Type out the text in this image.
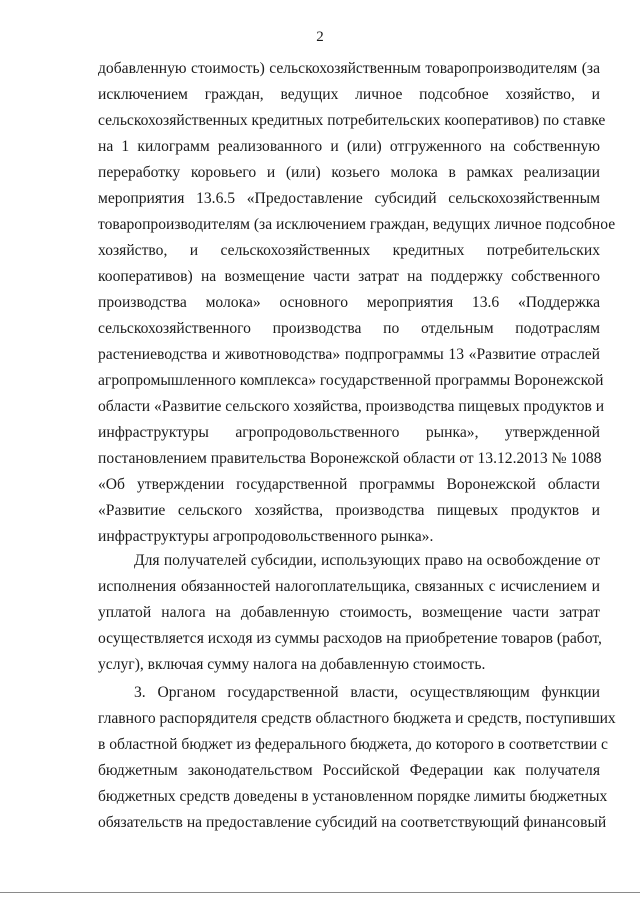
2
добавленную стоимость) сельскохозяйственным товаропроизводителям (за
исключением граждан, ведущих личное подсобное хозяйство, и
сельскохозяйственных кредитных потребительских кооперативов) по ставке
на 1 килограмм реализованного и (или) отгруженного на собственную
переработку коровьего и (или) козьего молока в рамках реализации
мероприятия 13.6.5 «Предоставление субсидий сельскохозяйственным
товаропроизводителям (за исключением граждан, ведущих личное подсобное
хозяйство, и сельскохозяйственных кредитных потребительских
кооперативов) на возмещение части затрат на поддержку собственного
производства молока» основного мероприятия 13.6 «Поддержка
сельскохозяйственного производства по отдельным подотраслям
растениеводства и животноводства» подпрограммы 13 «Развитие отраслей
агропромышленного комплекса» государственной программы Воронежской
области «Развитие сельского хозяйства, производства пищевых продуктов и
инфраструктуры агропродовольственного рынка», утвержденной
постановлением правительства Воронежской области от 13.12.2013 № 1088
«Об утверждении государственной программы Воронежской области
«Развитие сельского хозяйства, производства пищевых продуктов и
инфраструктуры агропродовольственного рынка».
Для получателей субсидии, использующих право на освобождение от
исполнения обязанностей налогоплательщика, связанных с исчислением и
уплатой налога на добавленную стоимость, возмещение части затрат
осуществляется исходя из суммы расходов на приобретение товаров (работ,
услуг), включая сумму налога на добавленную стоимость.
3. Органом государственной власти, осуществляющим функции
главного распорядителя средств областного бюджета и средств, поступивших
в областной бюджет из федерального бюджета, до которого в соответствии с
бюджетным законодательством Российской Федерации как получателя
бюджетных средств доведены в установленном порядке лимиты бюджетных
обязательств на предоставление субсидий на соответствующий финансовый
